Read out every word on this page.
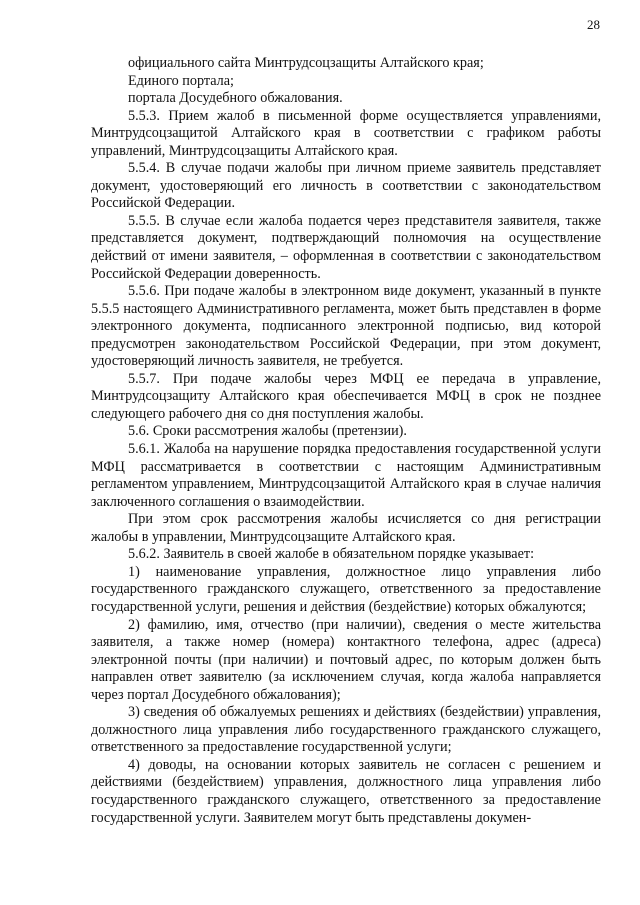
28

официального сайта Минтрудсоцзащиты Алтайского края;

Единого портала;

портала Досудебного обжалования.

5.5.3. Прием жалоб в письменной форме осуществляется управлениями, Минтрудсоцзащитой Алтайского края в соответствии с графиком работы управлений, Минтрудсоцзащиты Алтайского края.

5.5.4. В случае подачи жалобы при личном приеме заявитель представляет документ, удостоверяющий его личность в соответствии с законодательством Российской Федерации.

5.5.5. В случае если жалоба подается через представителя заявителя, также представляется документ, подтверждающий полномочия на осуществление действий от имени заявителя, – оформленная в соответствии с законодательством Российской Федерации доверенность.

5.5.6. При подаче жалобы в электронном виде документ, указанный в пункте 5.5.5 настоящего Административного регламента, может быть представлен в форме электронного документа, подписанного электронной подписью, вид которой предусмотрен законодательством Российской Федерации, при этом документ, удостоверяющий личность заявителя, не требуется.

5.5.7. При подаче жалобы через МФЦ ее передача в управление, Минтрудсоцзащиту Алтайского края обеспечивается МФЦ в срок не позднее следующего рабочего дня со дня поступления жалобы.

5.6. Сроки рассмотрения жалобы (претензии).

5.6.1. Жалоба на нарушение порядка предоставления государственной услуги МФЦ рассматривается в соответствии с настоящим Административным регламентом управлением, Минтрудсоцзащитой Алтайского края в случае наличия заключенного соглашения о взаимодействии.

При этом срок рассмотрения жалобы исчисляется со дня регистрации жалобы в управлении, Минтрудсоцзащите Алтайского края.

5.6.2. Заявитель в своей жалобе в обязательном порядке указывает:

1) наименование управления, должностное лицо управления либо государственного гражданского служащего, ответственного за предоставление государственной услуги, решения и действия (бездействие) которых обжалуются;

2) фамилию, имя, отчество (при наличии), сведения о месте жительства заявителя, а также номер (номера) контактного телефона, адрес (адреса) электронной почты (при наличии) и почтовый адрес, по которым должен быть направлен ответ заявителю (за исключением случая, когда жалоба направляется через портал Досудебного обжалования);

3) сведения об обжалуемых решениях и действиях (бездействии) управления, должностного лица управления либо государственного гражданского служащего, ответственного за предоставление государственной услуги;

4) доводы, на основании которых заявитель не согласен с решением и действиями (бездействием) управления, должностного лица управления либо государственного гражданского служащего, ответственного за предоставление государственной услуги. Заявителем могут быть представлены докумен-
